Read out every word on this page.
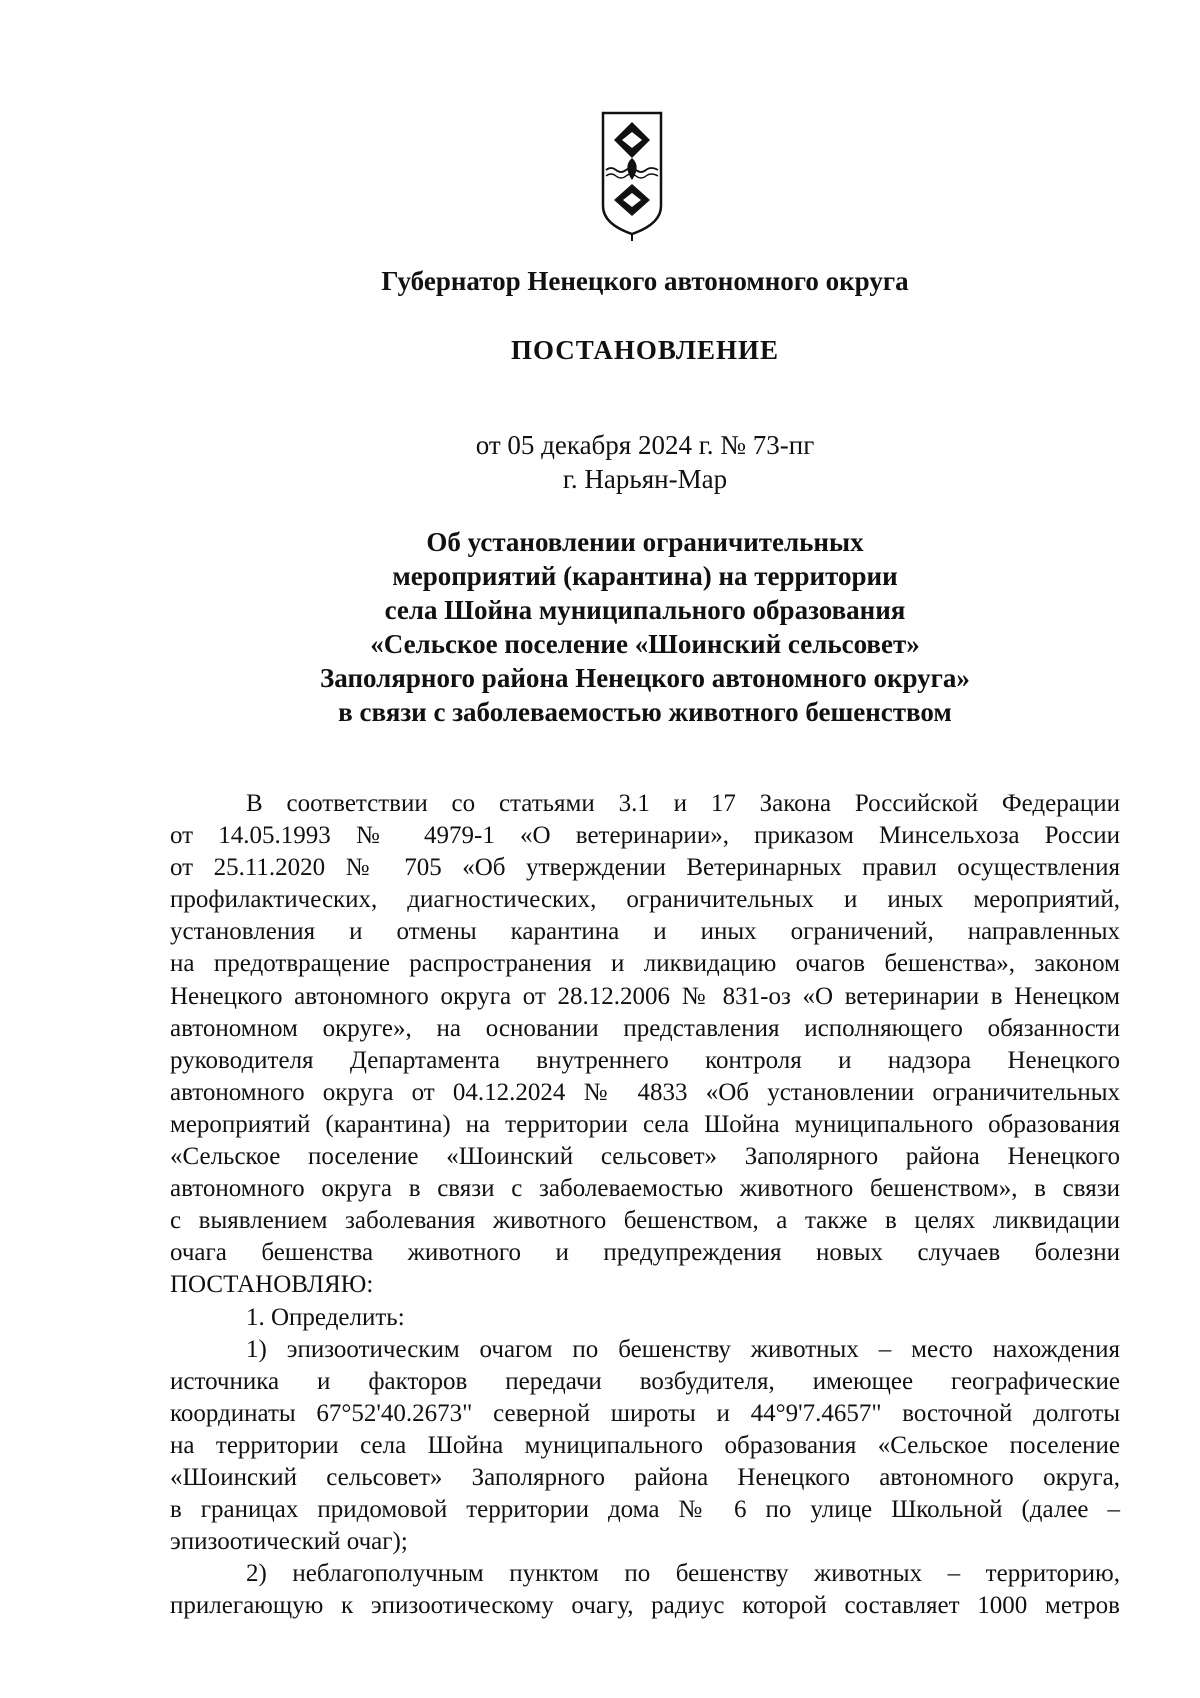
Губернатор Ненецкого автономного округа
ПОСТАНОВЛЕНИЕ
от 05 декабря 2024 г. № 73-пг
г. Нарьян-Мар
Об установлении ограничительных
мероприятий (карантина) на территории
села Шойна муниципального образования
«Сельское поселение «Шоинский сельсовет»
Заполярного района Ненецкого автономного округа»
в связи с заболеваемостью животного бешенством
В соответствии со статьями 3.1 и 17 Закона Российской Федерации
от 14.05.1993 № 4979-1 «О ветеринарии», приказом Минсельхоза России
от 25.11.2020 № 705 «Об утверждении Ветеринарных правил осуществления
профилактических, диагностических, ограничительных и иных мероприятий,
установления и отмены карантина и иных ограничений, направленных
на предотвращение распространения и ликвидацию очагов бешенства», законом
Ненецкого автономного округа от 28.12.2006 № 831-оз «О ветеринарии в Ненецком
автономном округе», на основании представления исполняющего обязанности
руководителя Департамента внутреннего контроля и надзора Ненецкого
автономного округа от 04.12.2024 № 4833 «Об установлении ограничительных
мероприятий (карантина) на территории села Шойна муниципального образования
«Сельское поселение «Шоинский сельсовет» Заполярного района Ненецкого
автономного округа в связи с заболеваемостью животного бешенством», в связи
с выявлением заболевания животного бешенством, а также в целях ликвидации
очага бешенства животного и предупреждения новых случаев болезни
ПОСТАНОВЛЯЮ:
1. Определить:
1) эпизоотическим очагом по бешенству животных – место нахождения
источника и факторов передачи возбудителя, имеющее географические
координаты 67°52'40.2673" северной широты и 44°9'7.4657" восточной долготы
на территории села Шойна муниципального образования «Сельское поселение
«Шоинский сельсовет» Заполярного района Ненецкого автономного округа,
в границах придомовой территории дома № 6 по улице Школьной (далее –
эпизоотический очаг);
2) неблагополучным пунктом по бешенству животных – территорию,
прилегающую к эпизоотическому очагу, радиус которой составляет 1000 метров
